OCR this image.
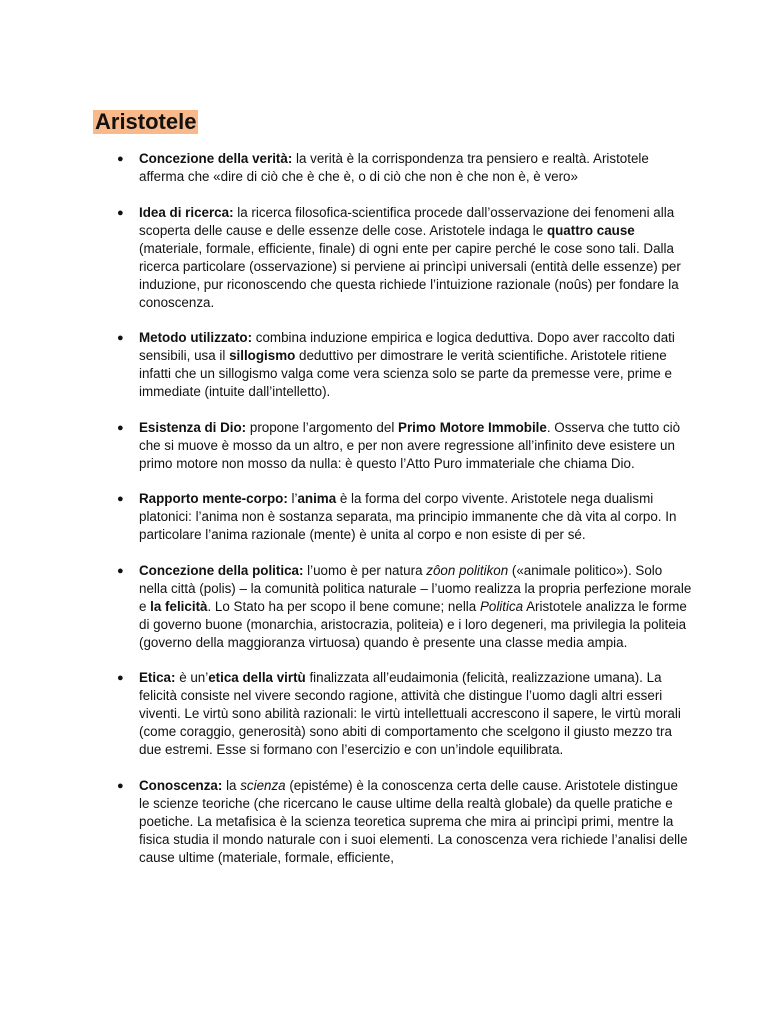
Aristotele
● Concezione della verità: la verità è la corrispondenza tra pensiero e realtà. Aristotele afferma che «dire di ciò che è che è, o di ciò che non è che non è, è vero»
● Idea di ricerca: la ricerca filosofica-scientifica procede dall’osservazione dei fenomeni alla scoperta delle cause e delle essenze delle cose. Aristotele indaga le quattro cause (materiale, formale, efficiente, finale) di ogni ente per capire perché le cose sono tali. Dalla ricerca particolare (osservazione) si perviene ai princìpi universali (entità delle essenze) per induzione, pur riconoscendo che questa richiede l’intuizione razionale (noûs) per fondare la conoscenza.
● Metodo utilizzato: combina induzione empirica e logica deduttiva. Dopo aver raccolto dati sensibili, usa il sillogismo deduttivo per dimostrare le verità scientifiche. Aristotele ritiene infatti che un sillogismo valga come vera scienza solo se parte da premesse vere, prime e immediate (intuite dall’intelletto).
● Esistenza di Dio: propone l’argomento del Primo Motore Immobile. Osserva che tutto ciò che si muove è mosso da un altro, e per non avere regressione all’infinito deve esistere un primo motore non mosso da nulla: è questo l’Atto Puro immateriale che chiama Dio.
● Rapporto mente-corpo: l’anima è la forma del corpo vivente. Aristotele nega dualismi platonici: l’anima non è sostanza separata, ma principio immanente che dà vita al corpo. In particolare l’anima razionale (mente) è unita al corpo e non esiste di per sé.
● Concezione della politica: l’uomo è per natura zôon politikon («animale politico»). Solo nella città (polis) – la comunità politica naturale – l’uomo realizza la propria perfezione morale e la felicità. Lo Stato ha per scopo il bene comune; nella Politica Aristotele analizza le forme di governo buone (monarchia, aristocrazia, politeia) e i loro degeneri, ma privilegia la politeia (governo della maggioranza virtuosa) quando è presente una classe media ampia.
● Etica: è un’etica della virtù finalizzata all’eudaimonia (felicità, realizzazione umana). La felicità consiste nel vivere secondo ragione, attività che distingue l’uomo dagli altri esseri viventi. Le virtù sono abilità razionali: le virtù intellettuali accrescono il sapere, le virtù morali (come coraggio, generosità) sono abiti di comportamento che scelgono il giusto mezzo tra due estremi. Esse si formano con l’esercizio e con un’indole equilibrata.
● Conoscenza: la scienza (epistéme) è la conoscenza certa delle cause. Aristotele distingue le scienze teoriche (che ricercano le cause ultime della realtà globale) da quelle pratiche e poetiche. La metafisica è la scienza teoretica suprema che mira ai princìpi primi, mentre la fisica studia il mondo naturale con i suoi elementi. La conoscenza vera richiede l’analisi delle cause ultime (materiale, formale, efficiente,
